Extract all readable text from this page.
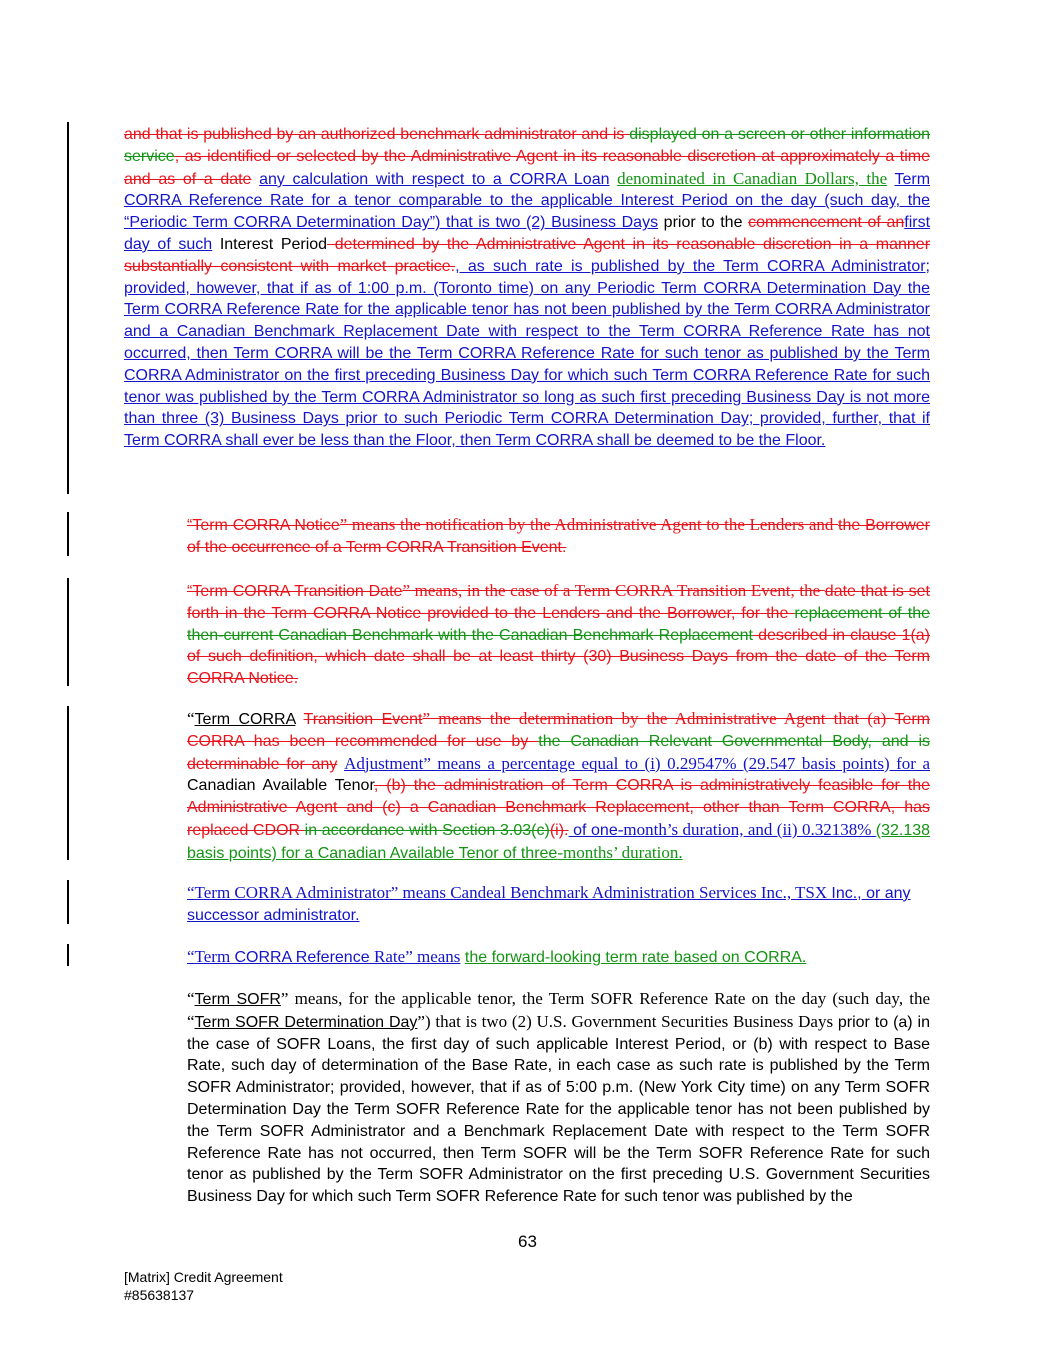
and that is published by an authorized benchmark administrator and is displayed on a screen or other information service, as identified or selected by the Administrative Agent in its reasonable discretion at approximately a time and as of a date any calculation with respect to a CORRA Loan denominated in Canadian Dollars, the Term CORRA Reference Rate for a tenor comparable to the applicable Interest Period on the day (such day, the “Periodic Term CORRA Determination Day”) that is two (2) Business Days prior to the commencement of anfirst day of such Interest Period determined by the Administrative Agent in its reasonable discretion in a manner substantially consistent with market practice., as such rate is published by the Term CORRA Administrator; provided, however, that if as of 1:00 p.m. (Toronto time) on any Periodic Term CORRA Determination Day the Term CORRA Reference Rate for the applicable tenor has not been published by the Term CORRA Administrator and a Canadian Benchmark Replacement Date with respect to the Term CORRA Reference Rate has not occurred, then Term CORRA will be the Term CORRA Reference Rate for such tenor as published by the Term CORRA Administrator on the first preceding Business Day for which such Term CORRA Reference Rate for such tenor was published by the Term CORRA Administrator so long as such first preceding Business Day is not more than three (3) Business Days prior to such Periodic Term CORRA Determination Day; provided, further, that if Term CORRA shall ever be less than the Floor, then Term CORRA shall be deemed to be the Floor.

“Term CORRA Notice” means the notification by the Administrative Agent to the Lenders and the Borrower of the occurrence of a Term CORRA Transition Event.

“Term CORRA Transition Date” means, in the case of a Term CORRA Transition Event, the date that is set forth in the Term CORRA Notice provided to the Lenders and the Borrower, for the replacement of the then-current Canadian Benchmark with the Canadian Benchmark Replacement described in clause 1(a) of such definition, which date shall be at least thirty (30) Business Days from the date of the Term CORRA Notice.

“Term CORRA Transition Event” means the determination by the Administrative Agent that (a) Term CORRA has been recommended for use by the Canadian Relevant Governmental Body, and is determinable for any Adjustment” means a percentage equal to (i) 0.29547% (29.547 basis points) for a Canadian Available Tenor, (b) the administration of Term CORRA is administratively feasible for the Administrative Agent and (c) a Canadian Benchmark Replacement, other than Term CORRA, has replaced CDOR in accordance with Section 3.03(c)(i). of one-month’s duration, and (ii) 0.32138% (32.138 basis points) for a Canadian Available Tenor of three-months’ duration.

“Term CORRA Administrator” means Candeal Benchmark Administration Services Inc., TSX Inc., or any successor administrator.

“Term CORRA Reference Rate” means the forward-looking term rate based on CORRA.

“Term SOFR” means, for the applicable tenor, the Term SOFR Reference Rate on the day (such day, the “Term SOFR Determination Day”) that is two (2) U.S. Government Securities Business Days prior to (a) in the case of SOFR Loans, the first day of such applicable Interest Period, or (b) with respect to Base Rate, such day of determination of the Base Rate, in each case as such rate is published by the Term SOFR Administrator; provided, however, that if as of 5:00 p.m. (New York City time) on any Term SOFR Determination Day the Term SOFR Reference Rate for the applicable tenor has not been published by the Term SOFR Administrator and a Benchmark Replacement Date with respect to the Term SOFR Reference Rate has not occurred, then Term SOFR will be the Term SOFR Reference Rate for such tenor as published by the Term SOFR Administrator on the first preceding U.S. Government Securities Business Day for which such Term SOFR Reference Rate for such tenor was published by the

63
[Matrix] Credit Agreement
#85638137
